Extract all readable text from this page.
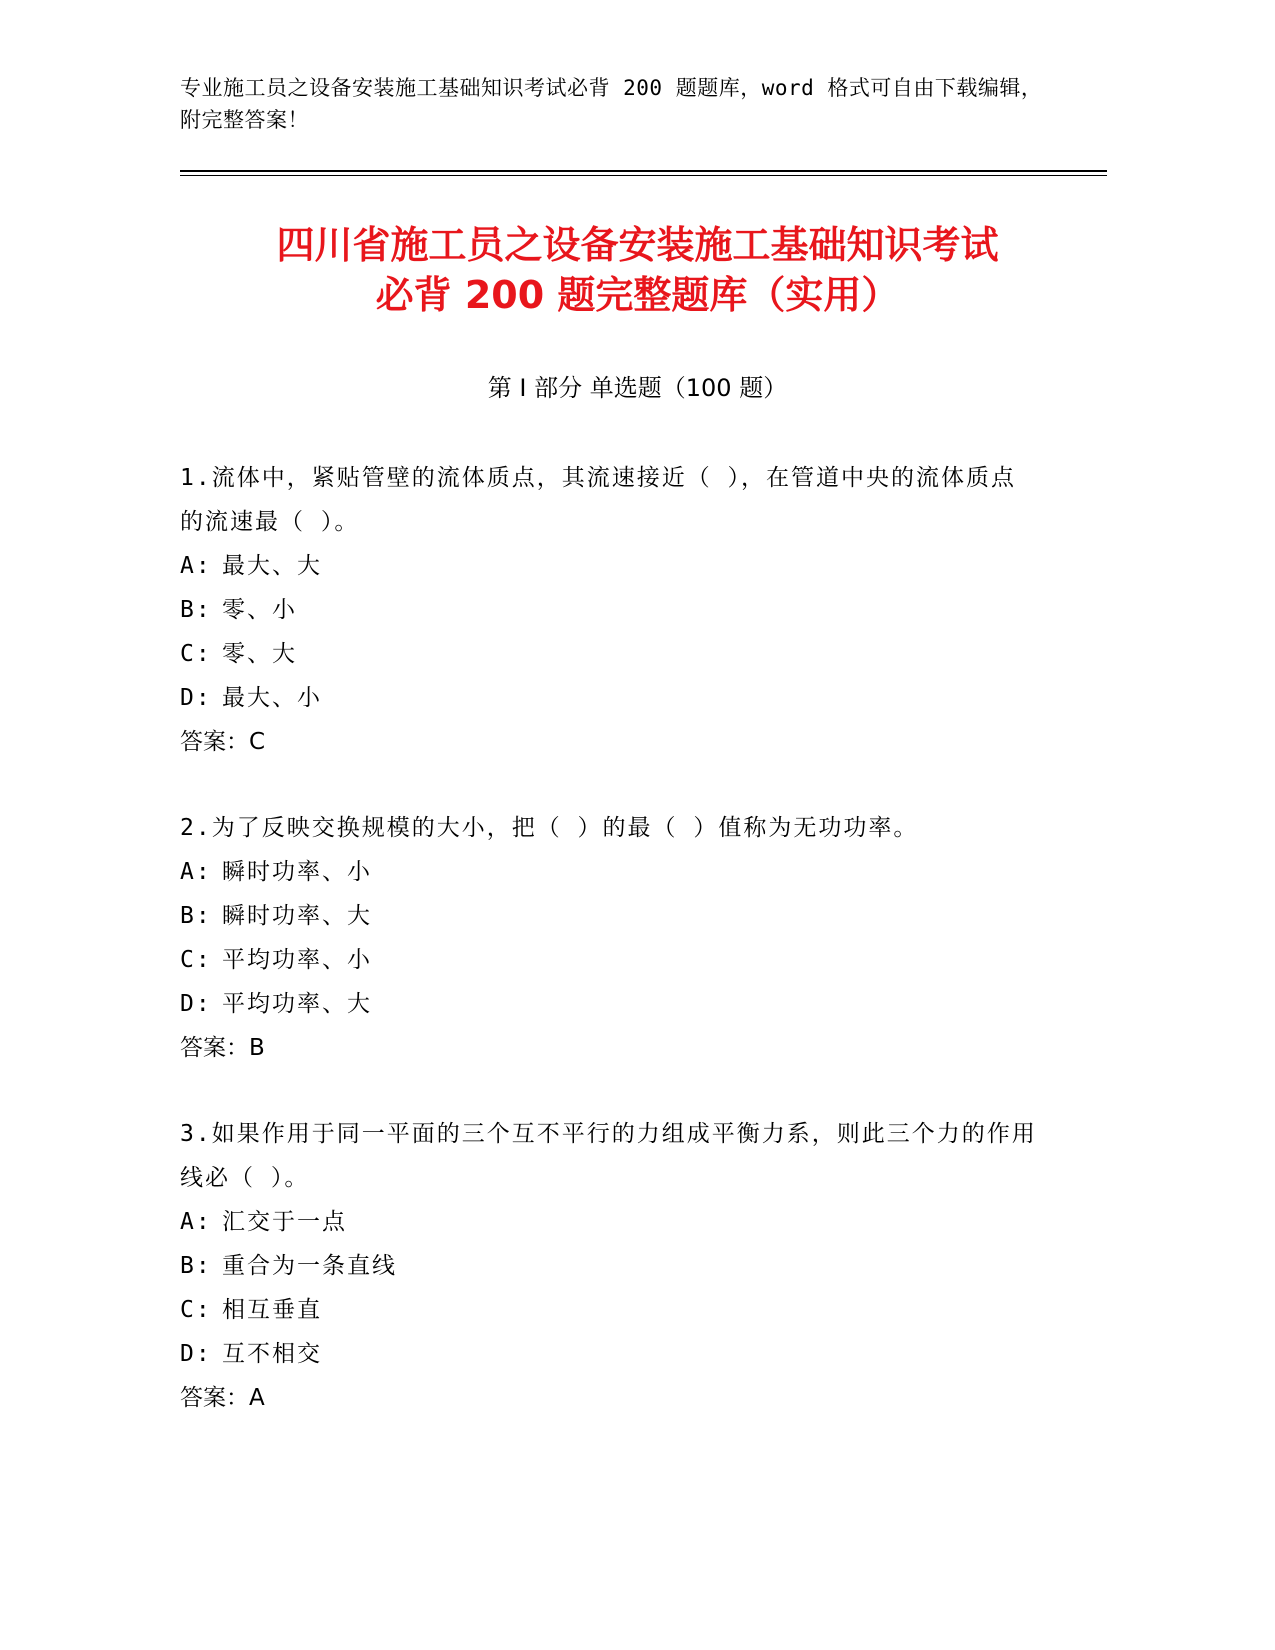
专业施工员之设备安装施工基础知识考试必背 200 题题库，word 格式可自由下载编辑，附完整答案！
四川省施工员之设备安装施工基础知识考试
必背 200 题完整题库（实用）
第 I 部分 单选题（100 题）
1.流体中，紧贴管壁的流体质点，其流速接近（ ），在管道中央的流体质点的流速最（ ）。
A: 最大、大
B: 零、小
C: 零、大
D: 最大、小
答案：C
2.为了反映交换规模的大小，把（ ）的最（ ）值称为无功功率。
A: 瞬时功率、小
B: 瞬时功率、大
C: 平均功率、小
D: 平均功率、大
答案：B
3.如果作用于同一平面的三个互不平行的力组成平衡力系，则此三个力的作用线必（ ）。
A: 汇交于一点
B: 重合为一条直线
C: 相互垂直
D: 互不相交
答案：A
